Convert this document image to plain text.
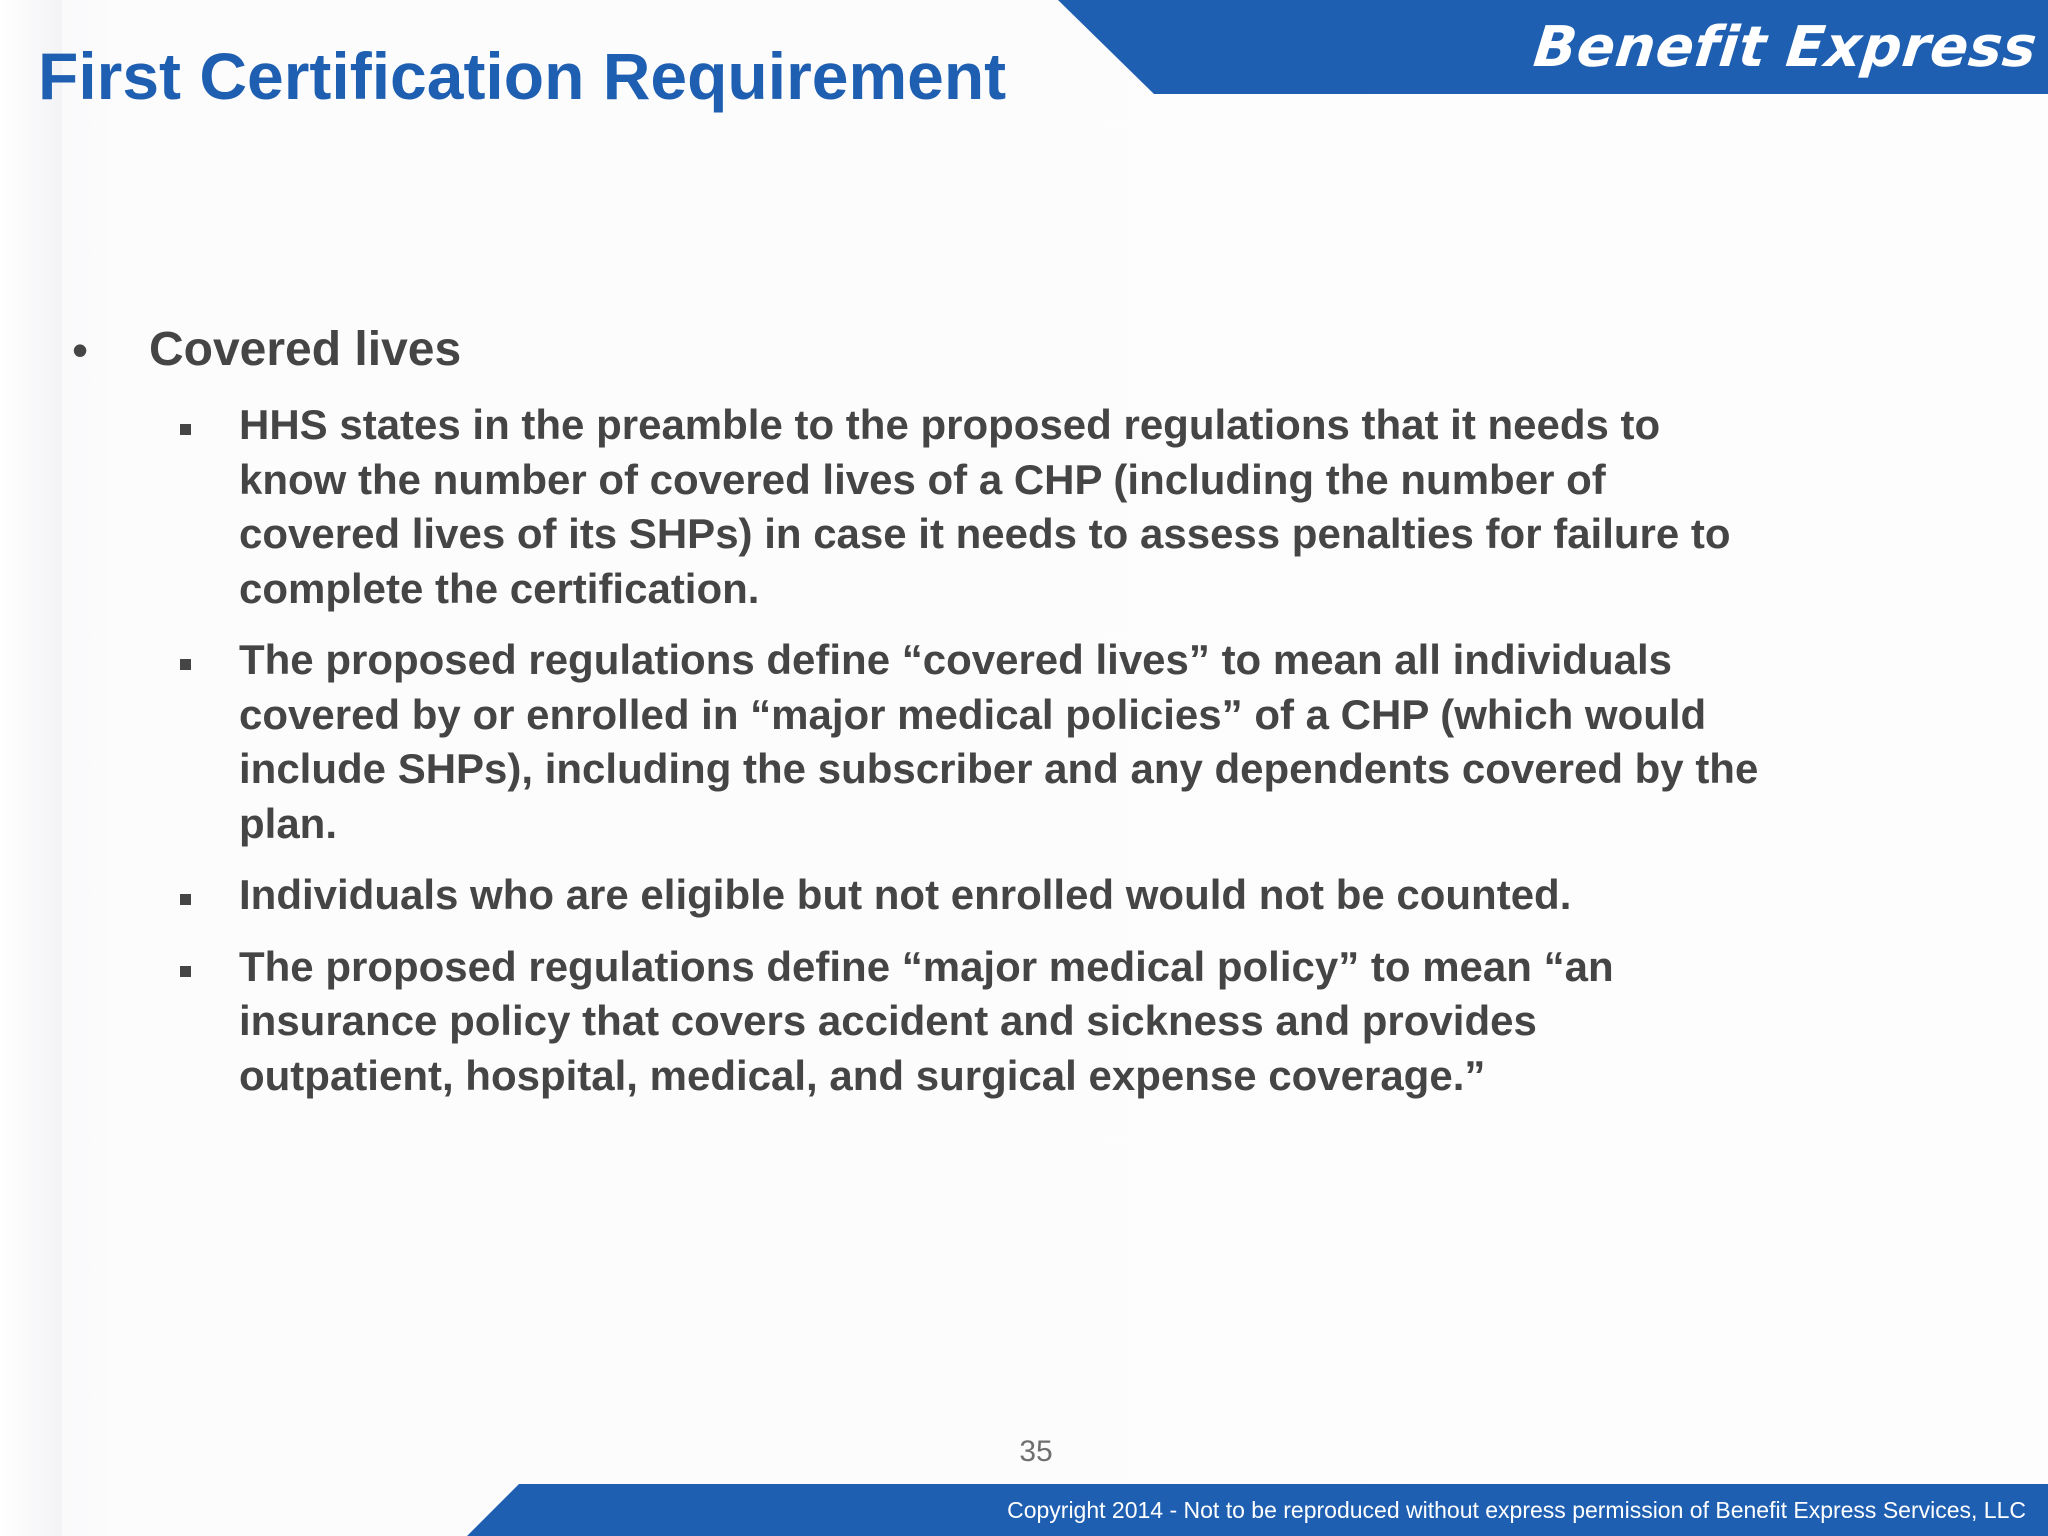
First Certification Requirement	Benefit Express
• Covered lives

HHS states in the preamble to the proposed regulations that it needs to know the number of covered lives of a CHP (including the number of covered lives of its SHPs) in case it needs to assess penalties for failure to complete the certification.

The proposed regulations define “covered lives” to mean all individuals covered by or enrolled in “major medical policies” of a CHP (which would include SHPs), including the subscriber and any dependents covered by the plan.

Individuals who are eligible but not enrolled would not be counted.

The proposed regulations define “major medical policy” to mean “an insurance policy that covers accident and sickness and provides outpatient, hospital, medical, and surgical expense coverage.”

35
Copyright 2014 - Not to be reproduced without express permission of Benefit Express Services, LLC
